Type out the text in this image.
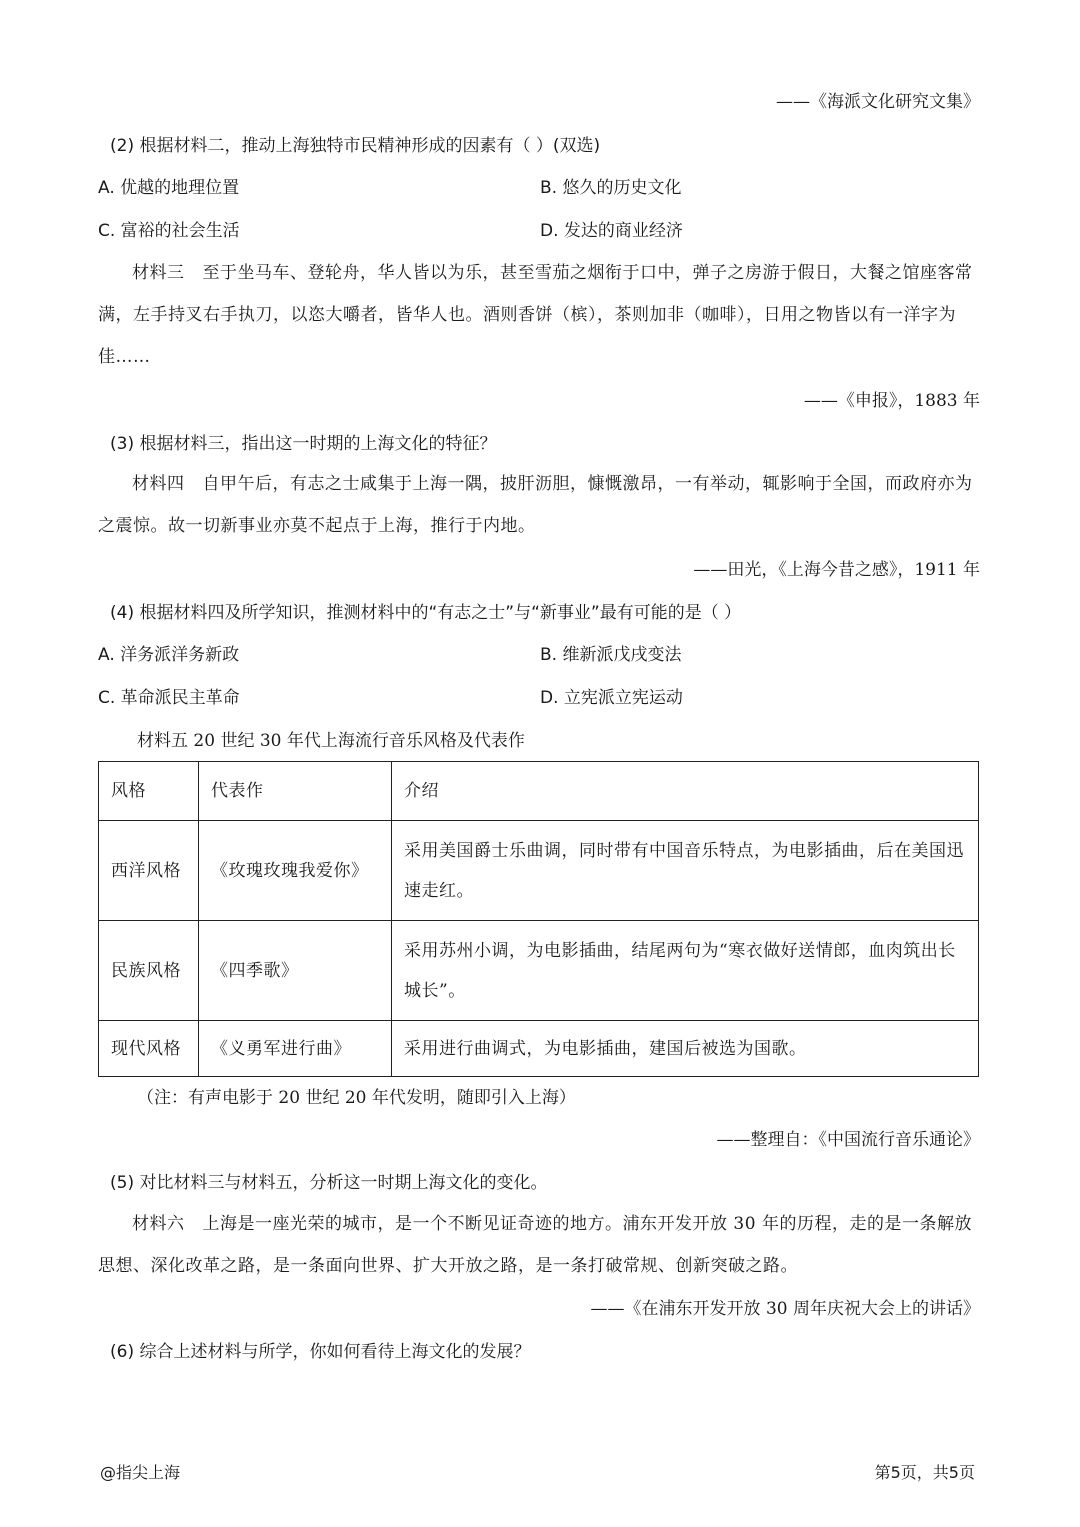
——《海派文化研究文集》
(2) 根据材料二，推动上海独特市民精神形成的因素有（ ）(双选)
A. 优越的地理位置	B. 悠久的历史文化
C. 富裕的社会生活	D. 发达的商业经济
材料三 至于坐马车、登轮舟，华人皆以为乐，甚至雪茄之烟衔于口中，弹子之房游于假日，大餐之馆座客常满，左手持叉右手执刀，以恣大嚼者，皆华人也。酒则香饼（槟），茶则加非（咖啡），日用之物皆以有一洋字为佳……
——《申报》，1883 年
(3) 根据材料三，指出这一时期的上海文化的特征？
材料四 自甲午后，有志之士咸集于上海一隅，披肝沥胆，慷慨激昂，一有举动，辄影响于全国，而政府亦为之震惊。故一切新事业亦莫不起点于上海，推行于内地。
——田光，《上海今昔之感》，1911 年
(4) 根据材料四及所学知识，推测材料中的“有志之士”与“新事业”最有可能的是（ ）
A. 洋务派洋务新政	B. 维新派戊戌变法
C. 革命派民主革命	D. 立宪派立宪运动
材料五 20 世纪 30 年代上海流行音乐风格及代表作
风格	代表作	介绍
西洋风格	《玫瑰玫瑰我爱你》	采用美国爵士乐曲调，同时带有中国音乐特点，为电影插曲，后在美国迅速走红。
民族风格	《四季歌》	采用苏州小调，为电影插曲，结尾两句为“寒衣做好送情郎，血肉筑出长城长”。
现代风格	《义勇军进行曲》	采用进行曲调式，为电影插曲，建国后被选为国歌。
（注：有声电影于 20 世纪 20 年代发明，随即引入上海）
——整理自：《中国流行音乐通论》
(5) 对比材料三与材料五，分析这一时期上海文化的变化。
材料六 上海是一座光荣的城市，是一个不断见证奇迹的地方。浦东开发开放 30 年的历程，走的是一条解放思想、深化改革之路，是一条面向世界、扩大开放之路，是一条打破常规、创新突破之路。
——《在浦东开发开放 30 周年庆祝大会上的讲话》
(6) 综合上述材料与所学，你如何看待上海文化的发展？
@指尖上海	第5页，共5页
